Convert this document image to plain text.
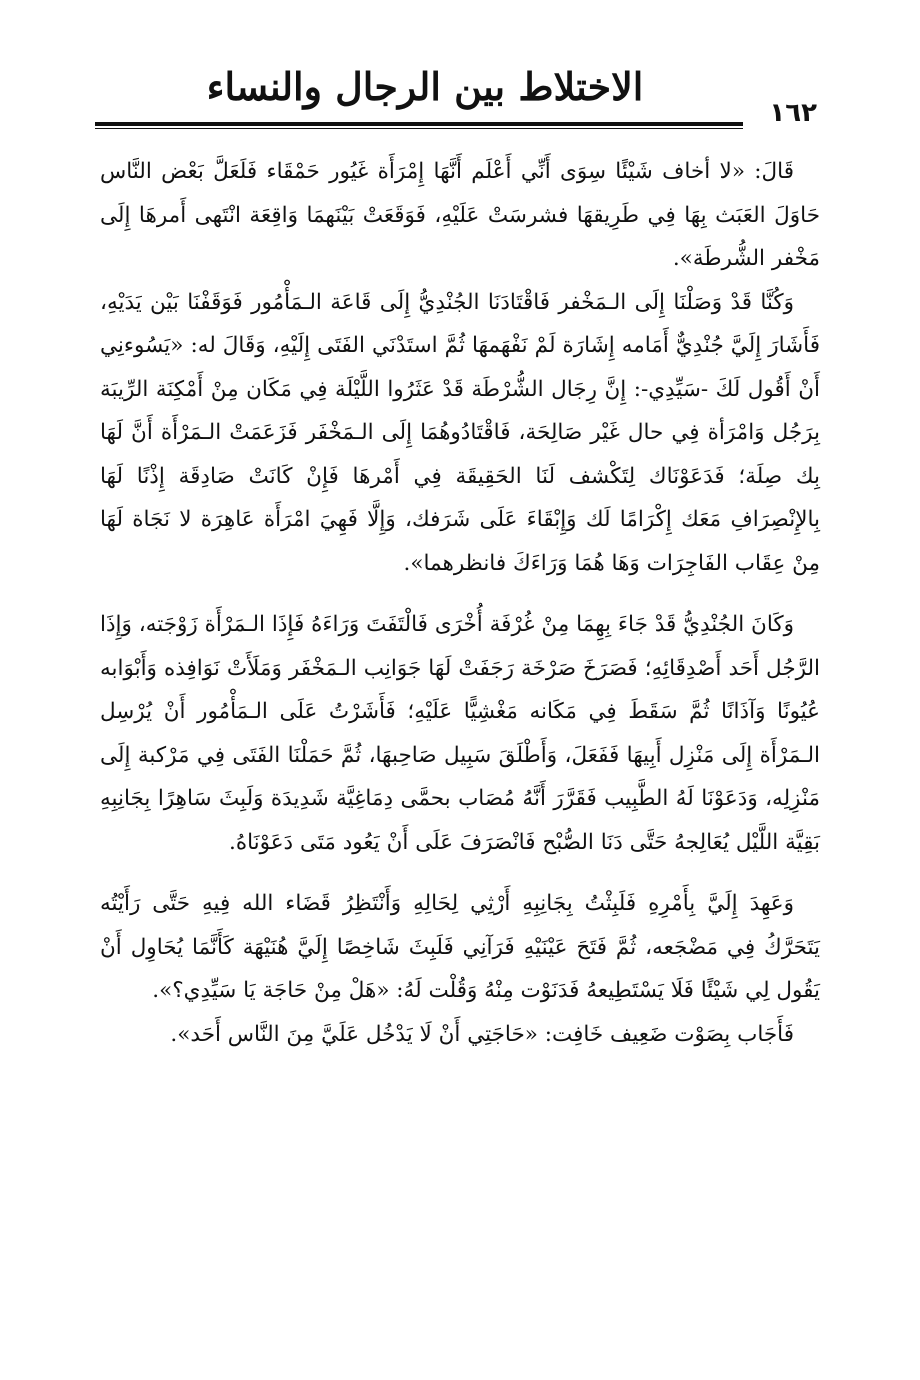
الاختلاط بين الرجال والنساء
١٦٢

قَالَ: «لا أخاف شَيْئًا سِوَى أَنِّي أَعْلَم أَنَّهَا إِمْرَأَة غَيُور حَمْقَاء فَلَعَلَّ بَعْض النَّاس حَاوَلَ العَبَث بِهَا فِي طَرِيقهَا فشرسَتْ عَلَيْهِ، فَوَقَعَتْ بَيْنَهمَا وَاقِعَة انْتَهى أَمرهَا إِلَى مَخْفر الشُّرطَة».

وَكُنَّا قَدْ وَصَلْنَا إِلَى الـمَخْفر فَاقْتَادَنَا الجُنْدِيُّ إِلَى قَاعَة الـمَأْمُور فَوَقَفْنَا بَيْن يَدَيْهِ، فَأَشَارَ إِلَيَّ جُنْدِيٌّ أَمَامه إِشَارَة لَمْ نَفْهَمهَا ثُمَّ استَدْنَي الفَتَى إِلَيْهِ، وَقَالَ له: «يَسُوءنِي أَنْ أَقُول لَكَ -سَيِّدِي-: إِنَّ رِجَال الشُّرْطَة قَدْ عَثَرُوا اللَّيْلَة فِي مَكَان مِنْ أَمْكِنَة الرِّيبَة بِرَجُل وَامْرَأة فِي حال غَيْر صَالِحَة، فَاقْتَادُوهُمَا إِلَى الـمَخْفَر فَزَعَمَتْ الـمَرْأَة أَنَّ لَهَا بِك صِلَة؛ فَدَعَوْنَاك لِتَكْشف لَنَا الحَقِيقَة فِي أَمْرهَا فَإِنْ كَانَتْ صَادِقَة إِذْنًا لَهَا بِالإِنْصِرَافِ مَعَك إِكْرَامًا لَك وَإِبْقَاءَ عَلَى شَرَفك، وَإِلَّا فَهِيَ امْرَأَة عَاهِرَة لا نَجَاة لَهَا مِنْ عِقَاب الفَاجِرَات وَهَا هُمَا وَرَاءَكَ فانظرهما».

وَكَانَ الجُنْدِيُّ قَدْ جَاءَ بِهِمَا مِنْ غُرْفَة أُخْرَى فَالْتَفَتَ وَرَاءَهُ فَإِذَا الـمَرْأَة زَوْجَته، وَإِذَا الرَّجُل أَحَد أَصْدِقَائِهِ؛ فَصَرَخَ صَرْخَة رَجَفَتْ لَهَا جَوَانِب الـمَخْفَر وَمَلَأَتْ نَوَافِذه وَأَبْوَابه عُيُونًا وَآذَانًا ثُمَّ سَقَطَ فِي مَكَانه مَغْشِيًّا عَلَيْهِ؛ فَأَشَرْتُ عَلَى الـمَأْمُور أَنْ يُرْسِل الـمَرْأَة إِلَى مَنْزِل أَبِيهَا فَفَعَلَ، وَأَطْلَقَ سَبِيل صَاحِبهَا، ثُمَّ حَمَلْنَا الفَتَى فِي مَرْكبة إِلَى مَنْزِلِه، وَدَعَوْنَا لَهُ الطَّبِيب فَقَرَّرَ أَنَّهُ مُصَاب بحمَّى دِمَاغِيَّة شَدِيدَة وَلَبِثَ سَاهِرًا بِجَانِبِهِ بَقِيَّة اللَّيْل يُعَالِجهُ حَتَّى دَنَا الصُّبْح فَانْصَرَفَ عَلَى أَنْ يَعُود مَتَى دَعَوْنَاهُ.

وَعَهِدَ إِلَيَّ بِأَمْرِهِ فَلَبِثْتُ بِجَانِبِهِ أَرْثِي لِحَالِهِ وَأَنْتَظِرُ قَضَاء الله فِيهِ حَتَّى رَأَيْتُه يَتَحَرَّكُ فِي مَضْجَعه، ثُمَّ فَتَحَ عَيْنَيْهِ فَرَآنِي فَلَبِثَ شَاخِصًا إِلَيَّ هُنَيْهَة كَأَنَّمَا يُحَاوِل أَنْ يَقُول لِي شَيْئًا فَلَا يَسْتَطِيعهُ فَدَنَوْت مِنْهُ وَقُلْت لَهُ: «هَلْ مِنْ حَاجَة يَا سَيِّدِي؟».

فَأَجَاب بِصَوْت ضَعِيف خَافِت: «حَاجَتِي أَنْ لَا يَدْخُل عَلَيَّ مِنَ النَّاس أَحَد».
